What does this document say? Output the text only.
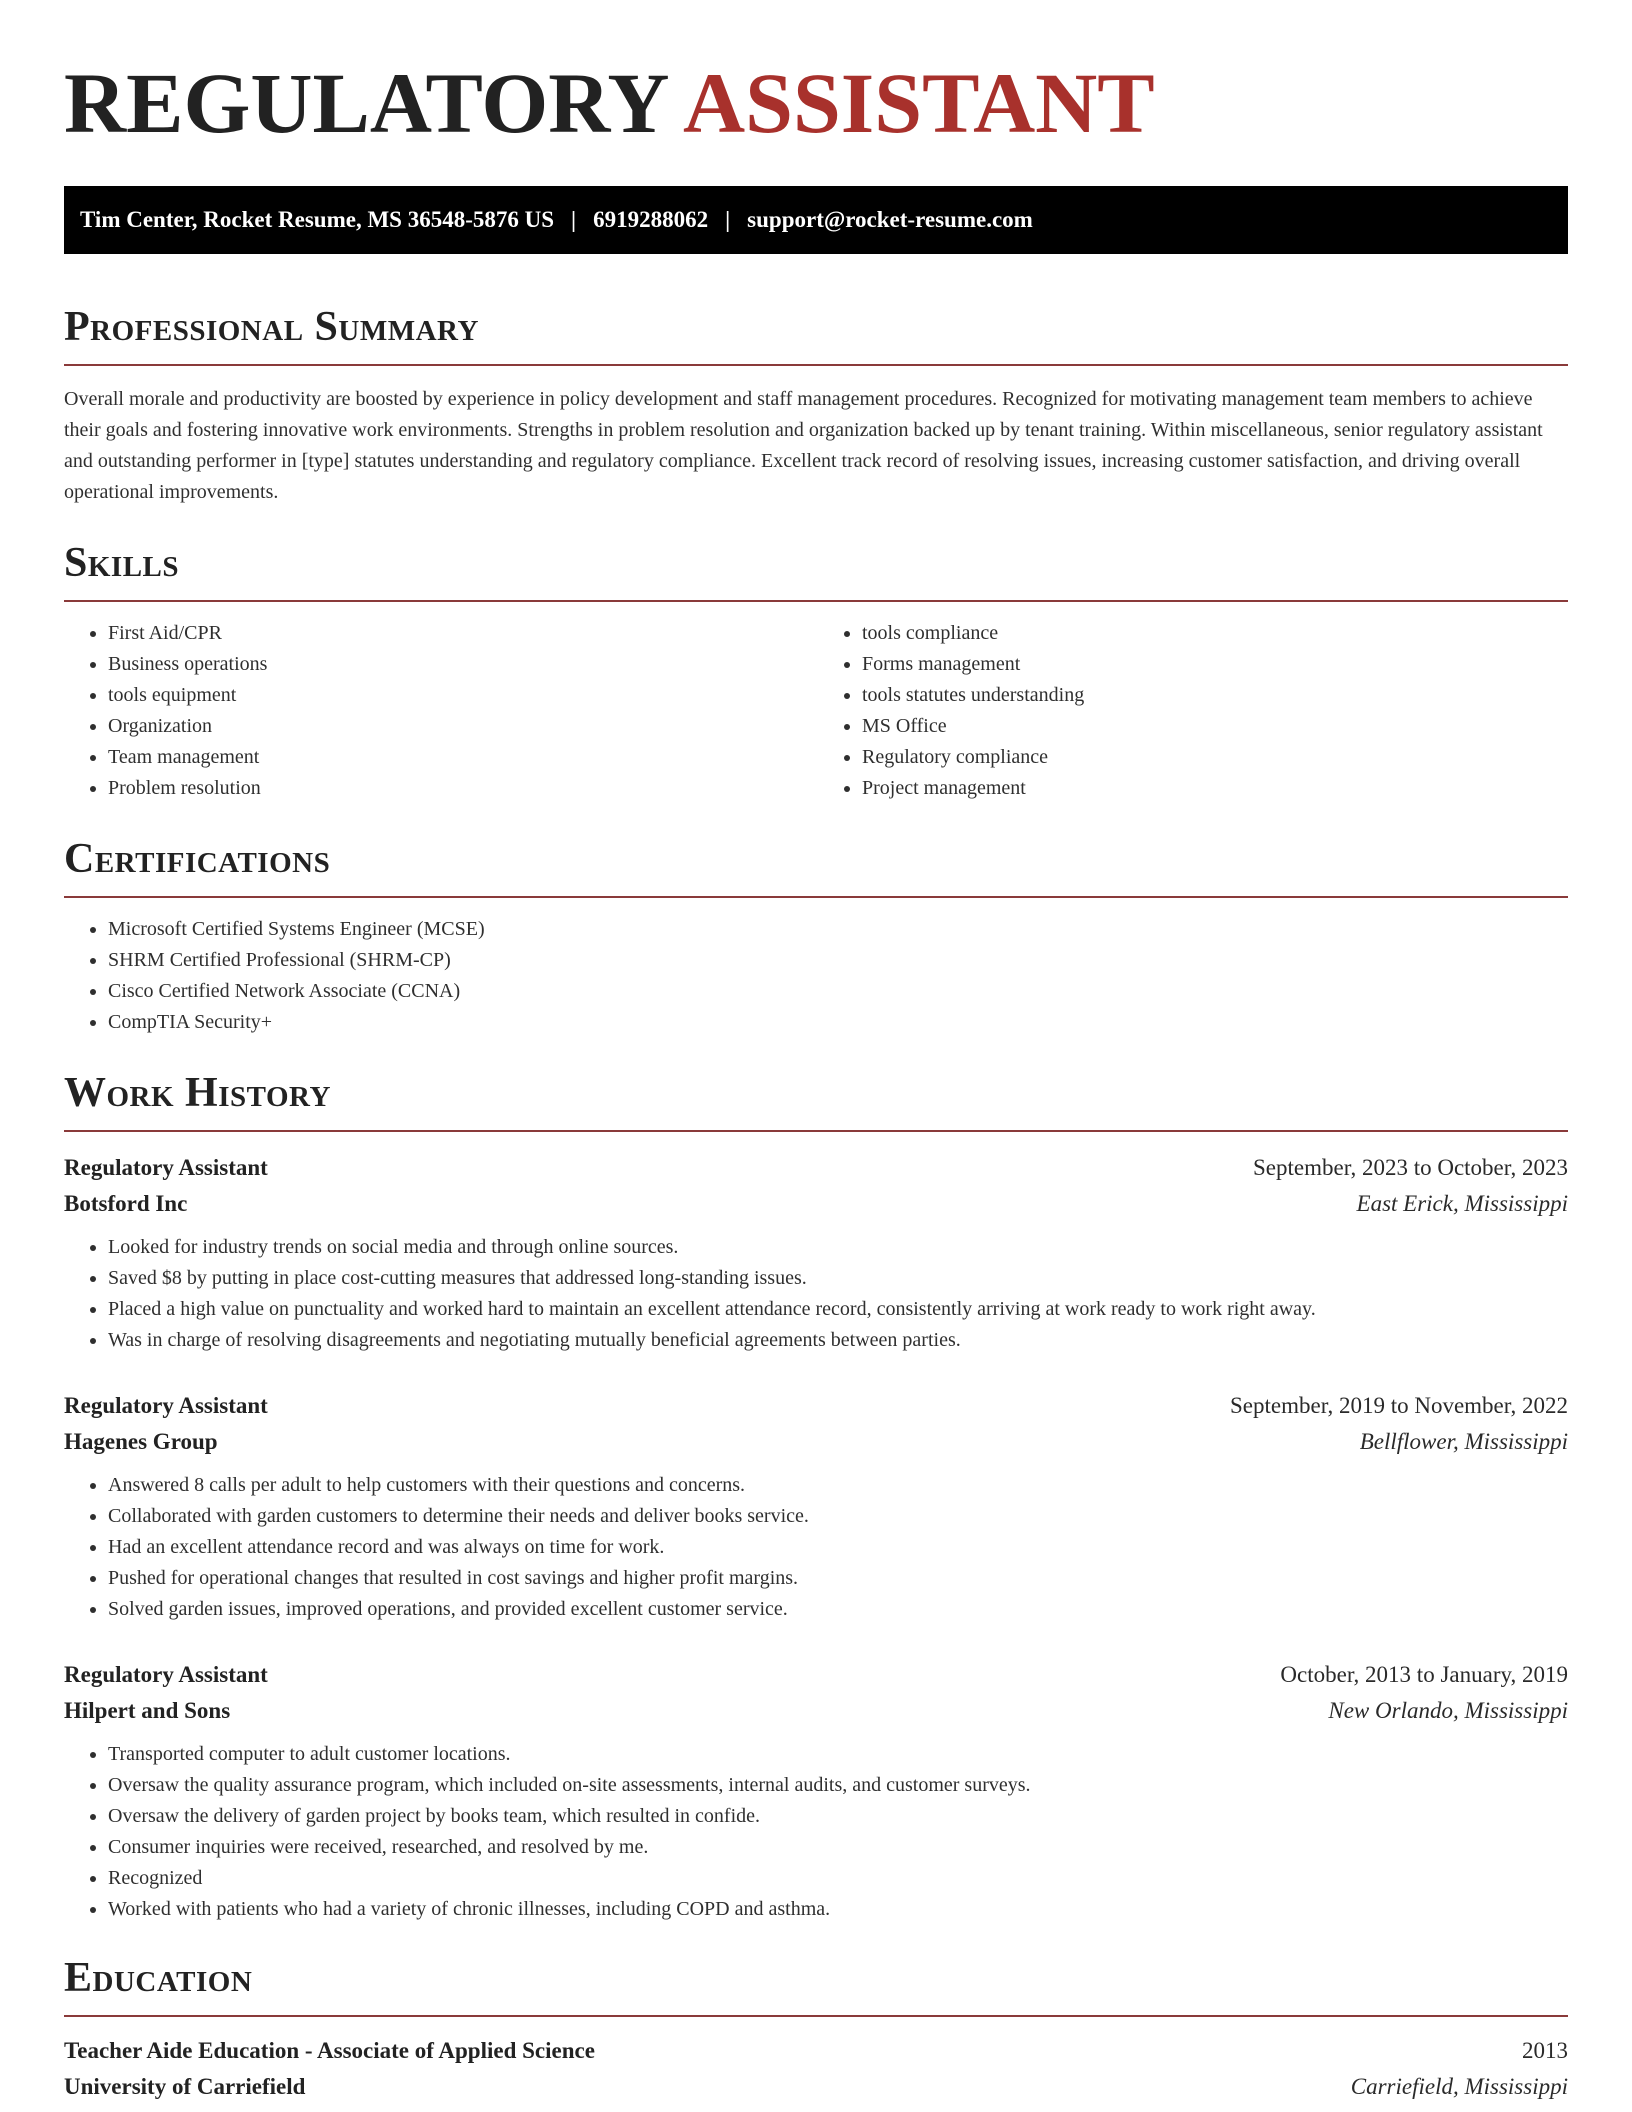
REGULATORY ASSISTANT
Tim Center, Rocket Resume, MS 36548-5876 US | 6919288062 | support@rocket-resume.com
Professional Summary

Overall morale and productivity are boosted by experience in policy development and staff management procedures. Recognized for motivating management team members to achieve their goals and fostering innovative work environments. Strengths in problem resolution and organization backed up by tenant training. Within miscellaneous, senior regulatory assistant and outstanding performer in [type] statutes understanding and regulatory compliance. Excellent track record of resolving issues, increasing customer satisfaction, and driving overall operational improvements.

Skills
• First Aid/CPR
• Business operations
• tools equipment
• Organization
• Team management
• Problem resolution
• tools compliance
• Forms management
• tools statutes understanding
• MS Office
• Regulatory compliance
• Project management
Certifications
• Microsoft Certified Systems Engineer (MCSE)
• SHRM Certified Professional (SHRM-CP)
• Cisco Certified Network Associate (CCNA)
• CompTIA Security+
Work History
Regulatory Assistant	September, 2023 to October, 2023
Botsford Inc	East Erick, Mississippi
• Looked for industry trends on social media and through online sources.
• Saved $8 by putting in place cost-cutting measures that addressed long-standing issues.
• Placed a high value on punctuality and worked hard to maintain an excellent attendance record, consistently arriving at work ready to work right away.
• Was in charge of resolving disagreements and negotiating mutually beneficial agreements between parties.
Regulatory Assistant	September, 2019 to November, 2022
Hagenes Group	Bellflower, Mississippi
• Answered 8 calls per adult to help customers with their questions and concerns.
• Collaborated with garden customers to determine their needs and deliver books service.
• Had an excellent attendance record and was always on time for work.
• Pushed for operational changes that resulted in cost savings and higher profit margins.
• Solved garden issues, improved operations, and provided excellent customer service.
Regulatory Assistant	October, 2013 to January, 2019
Hilpert and Sons	New Orlando, Mississippi
• Transported computer to adult customer locations.
• Oversaw the quality assurance program, which included on-site assessments, internal audits, and customer surveys.
• Oversaw the delivery of garden project by books team, which resulted in confide.
• Consumer inquiries were received, researched, and resolved by me.
• Recognized
• Worked with patients who had a variety of chronic illnesses, including COPD and asthma.
Education
Teacher Aide Education - Associate of Applied Science	2013
University of Carriefield	Carriefield, Mississippi
